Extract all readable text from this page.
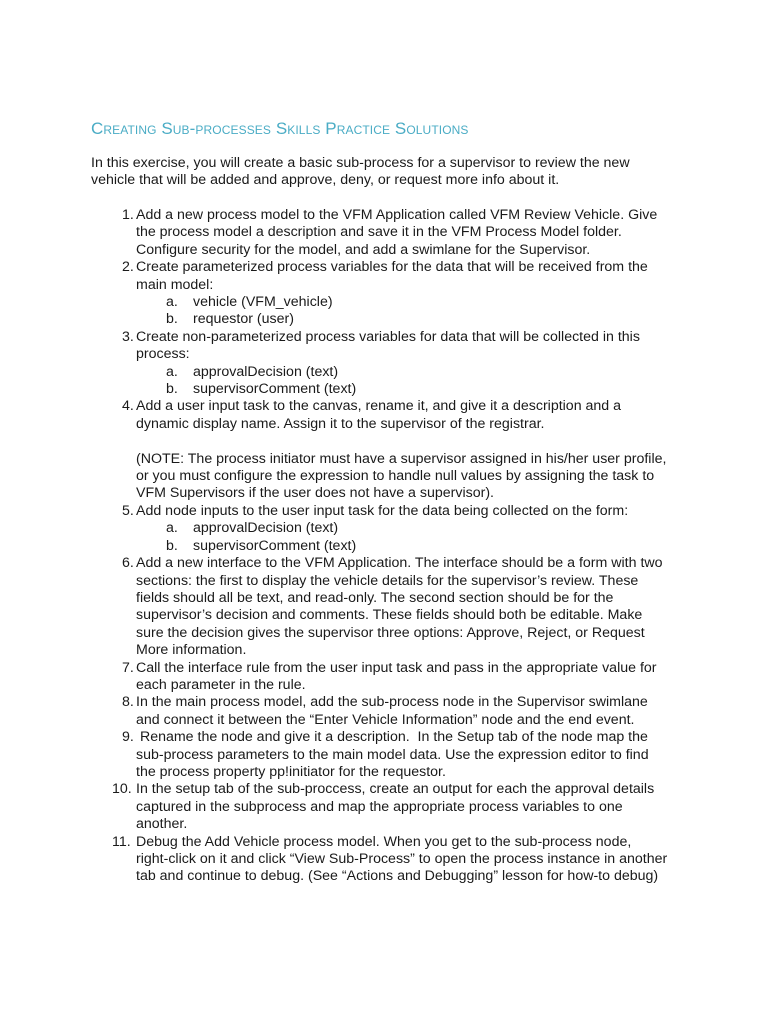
Creating Sub-processes Skills Practice Solutions
In this exercise, you will create a basic sub-process for a supervisor to review the new
vehicle that will be added and approve, deny, or request more info about it.
1. Add a new process model to the VFM Application called VFM Review Vehicle. Give
the process model a description and save it in the VFM Process Model folder.
Configure security for the model, and add a swimlane for the Supervisor.
2. Create parameterized process variables for the data that will be received from the
main model:
a.	vehicle (VFM_vehicle)
b.	requestor (user)
3. Create non-parameterized process variables for data that will be collected in this
process:
a.	approvalDecision (text)
b.	supervisorComment (text)
4. Add a user input task to the canvas, rename it, and give it a description and a
dynamic display name. Assign it to the supervisor of the registrar.
(NOTE: The process initiator must have a supervisor assigned in his/her user profile,
or you must configure the expression to handle null values by assigning the task to
VFM Supervisors if the user does not have a supervisor).
5. Add node inputs to the user input task for the data being collected on the form:
a.	approvalDecision (text)
b.	supervisorComment (text)
6. Add a new interface to the VFM Application. The interface should be a form with two
sections: the first to display the vehicle details for the supervisor’s review. These
fields should all be text, and read-only. The second section should be for the
supervisor’s decision and comments. These fields should both be editable. Make
sure the decision gives the supervisor three options: Approve, Reject, or Request
More information.
7. Call the interface rule from the user input task and pass in the appropriate value for
each parameter in the rule.
8. In the main process model, add the sub-process node in the Supervisor swimlane
and connect it between the “Enter Vehicle Information” node and the end event.
9. Rename the node and give it a description.  In the Setup tab of the node map the
sub-process parameters to the main model data. Use the expression editor to find
the process property pp!initiator for the requestor.
10. In the setup tab of the sub-proccess, create an output for each the approval details
captured in the subprocess and map the appropriate process variables to one
another.
11. Debug the Add Vehicle process model. When you get to the sub-process node,
right-click on it and click “View Sub-Process” to open the process instance in another
tab and continue to debug. (See “Actions and Debugging” lesson for how-to debug)
